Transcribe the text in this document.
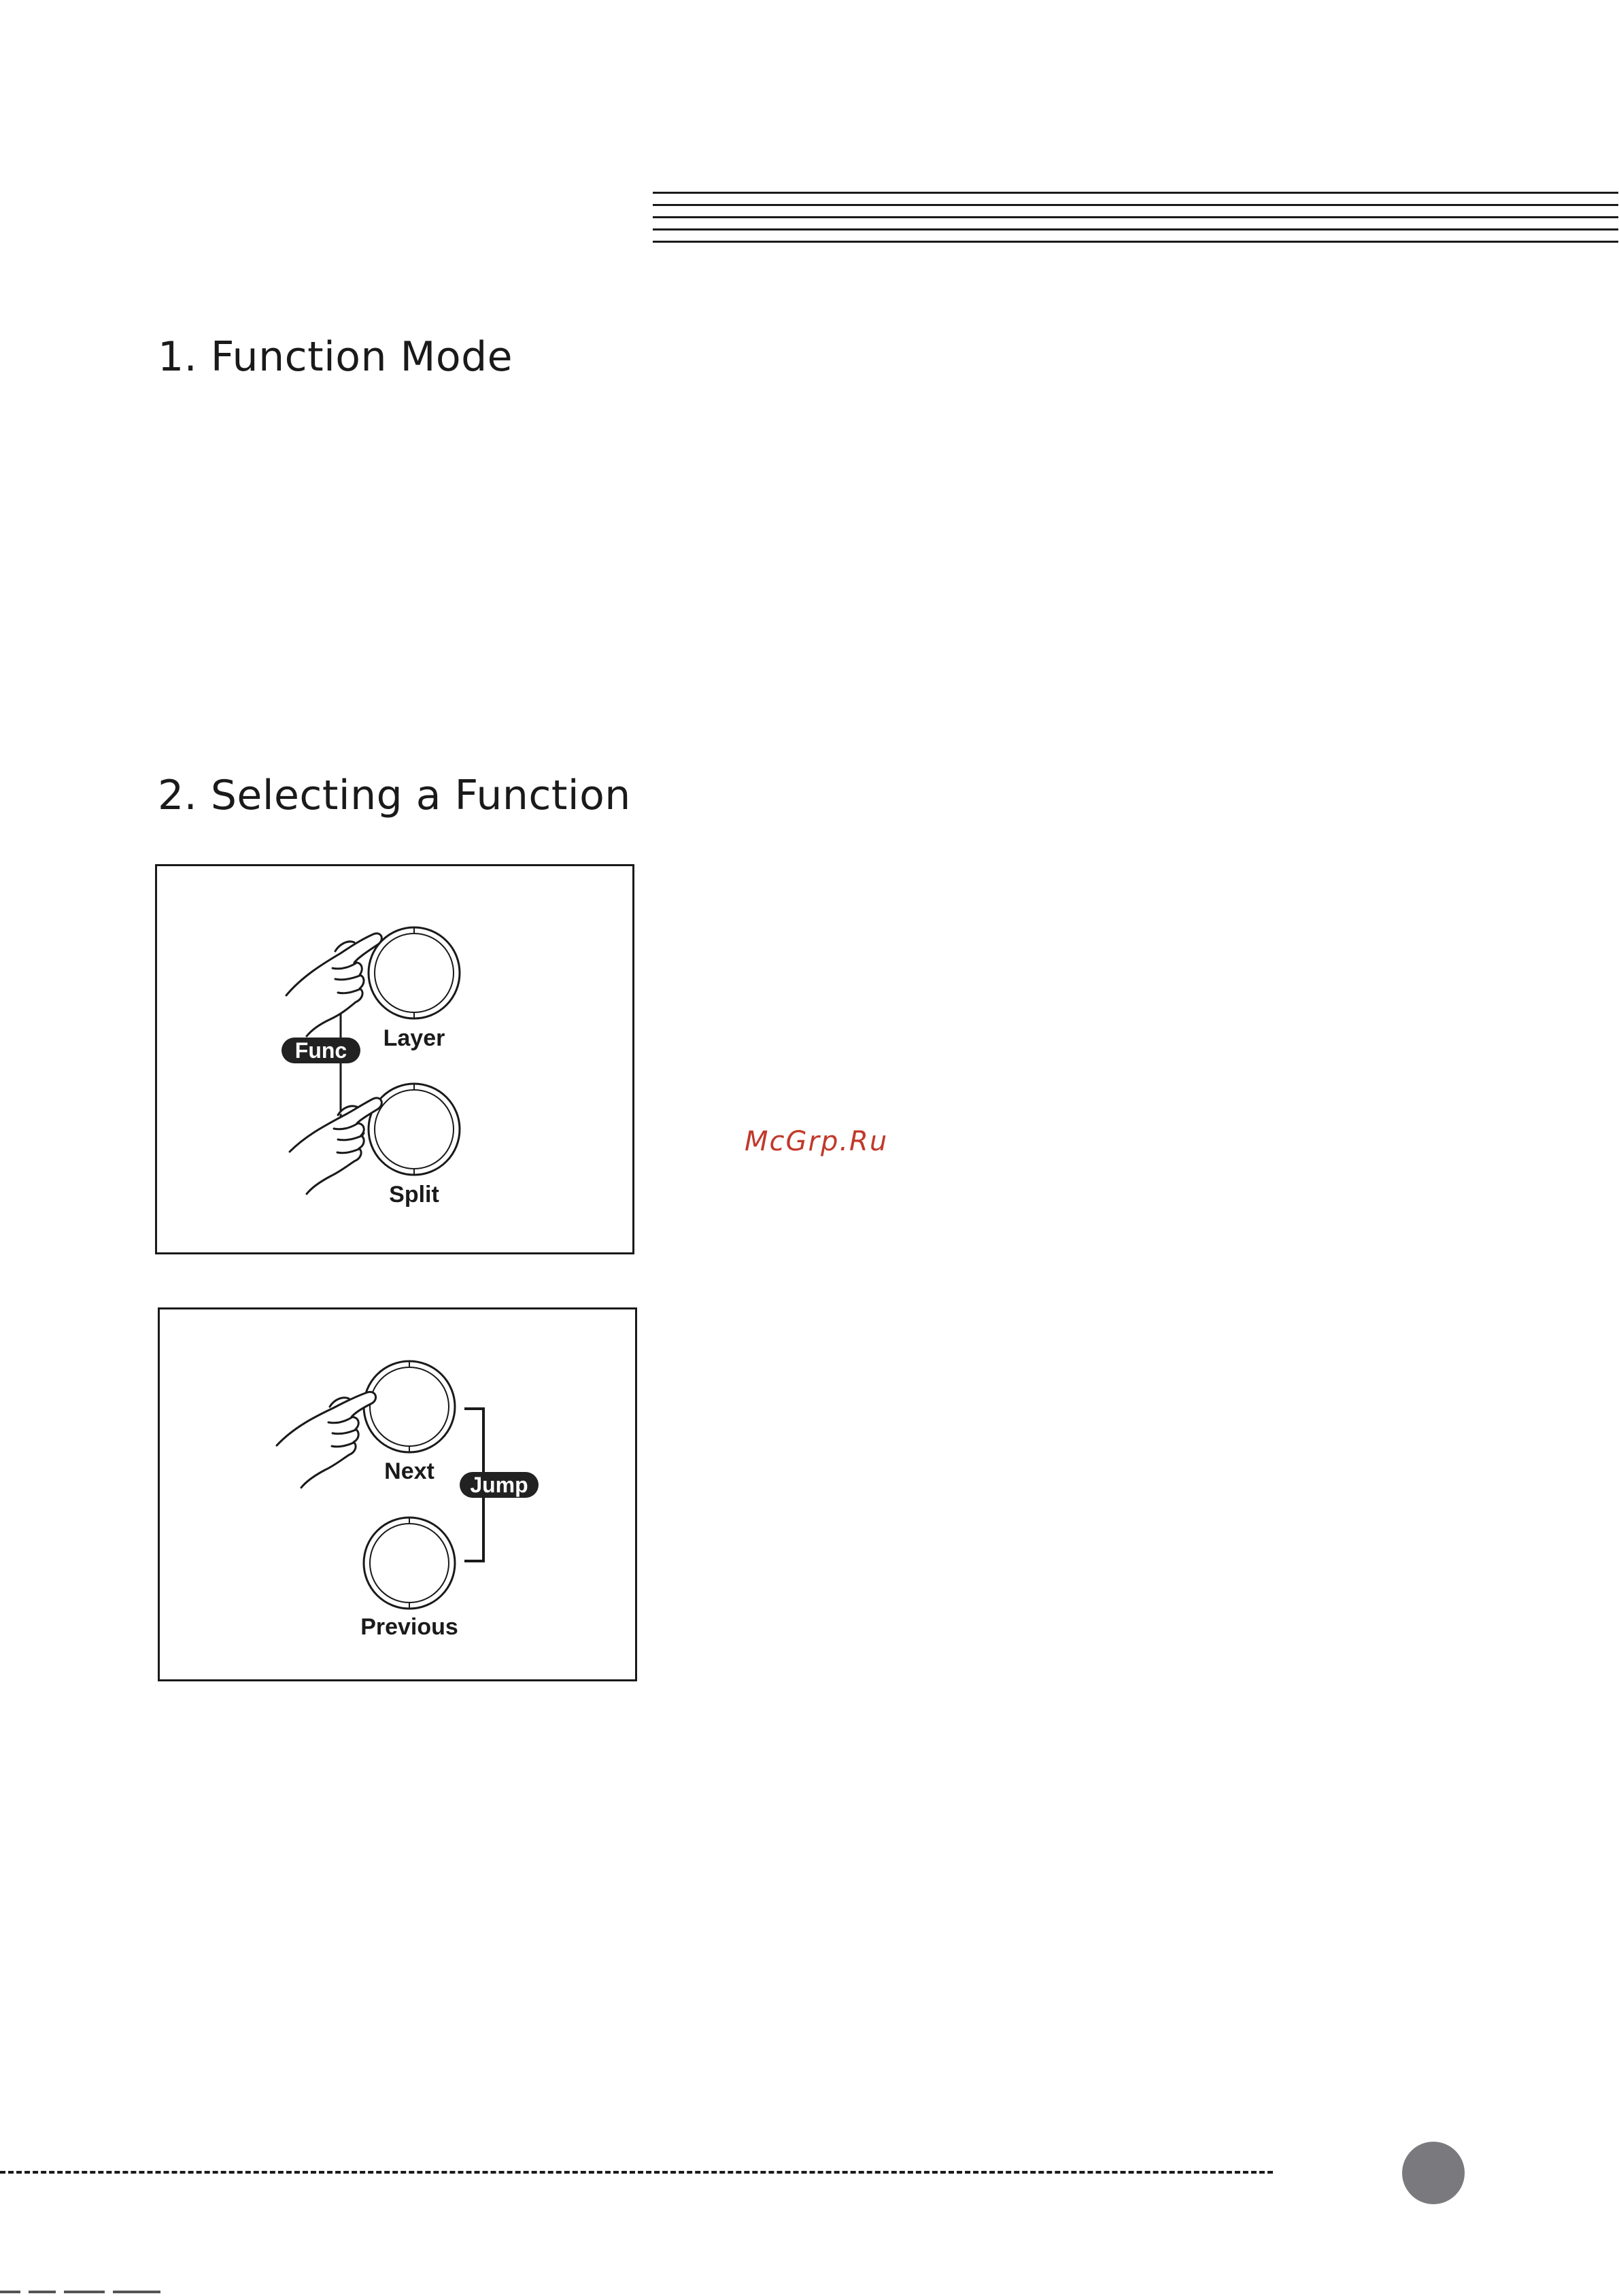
1. Function Mode
2. Selecting a Function
Func	Layer
Split
Jump
Next
Previous
McGrp.Ru
